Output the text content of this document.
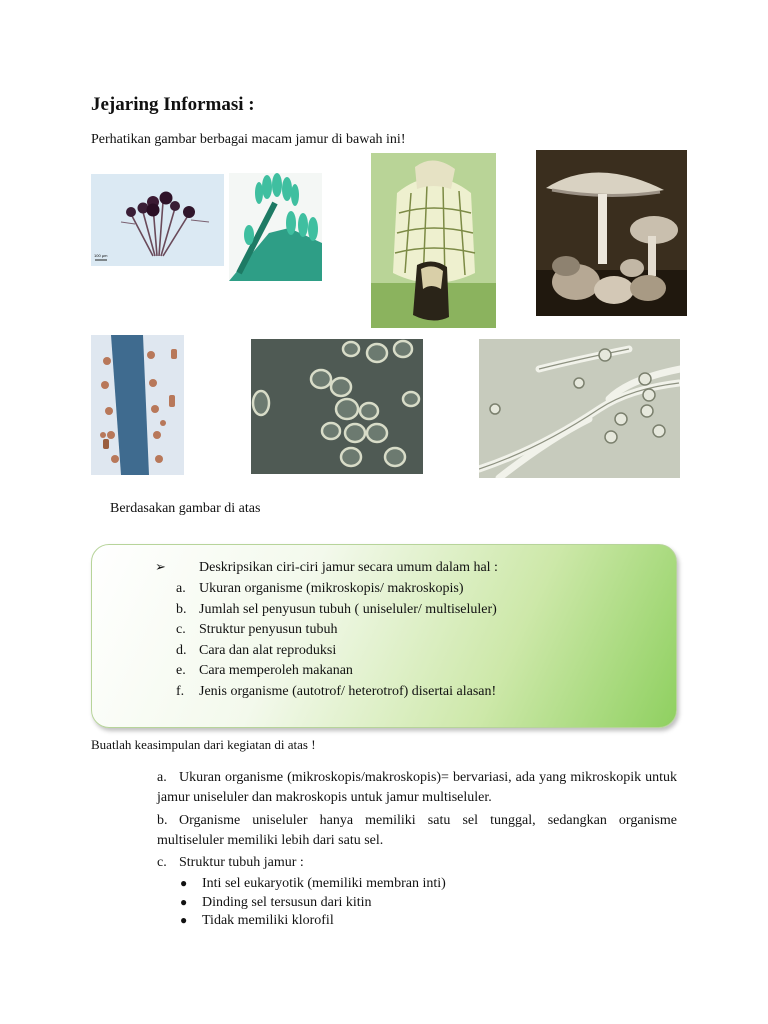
Jejaring Informasi :
Perhatikan gambar berbagai macam jamur di bawah ini!
100 µm
Berdasakan gambar di atas
➢ Deskripsikan ciri-ciri jamur secara umum dalam hal :
a. Ukuran organisme (mikroskopis/ makroskopis)
b. Jumlah sel penyusun tubuh ( uniseluler/ multiseluler)
c. Struktur penyusun tubuh
d. Cara dan alat reproduksi
e. Cara memperoleh makanan
f. Jenis organisme (autotrof/ heterotrof) disertai alasan!
Buatlah keasimpulan dari kegiatan di atas !
a. Ukuran organisme (mikroskopis/makroskopis)= bervariasi, ada yang mikroskopik untuk jamur uniseluler dan makroskopis untuk jamur multiseluler.
b. Organisme uniseluler hanya memiliki satu sel tunggal, sedangkan organisme multiseluler memiliki lebih dari satu sel.
c. Struktur tubuh jamur :
● Inti sel eukaryotik (memiliki membran inti)
● Dinding sel tersusun dari kitin
● Tidak memiliki klorofil
